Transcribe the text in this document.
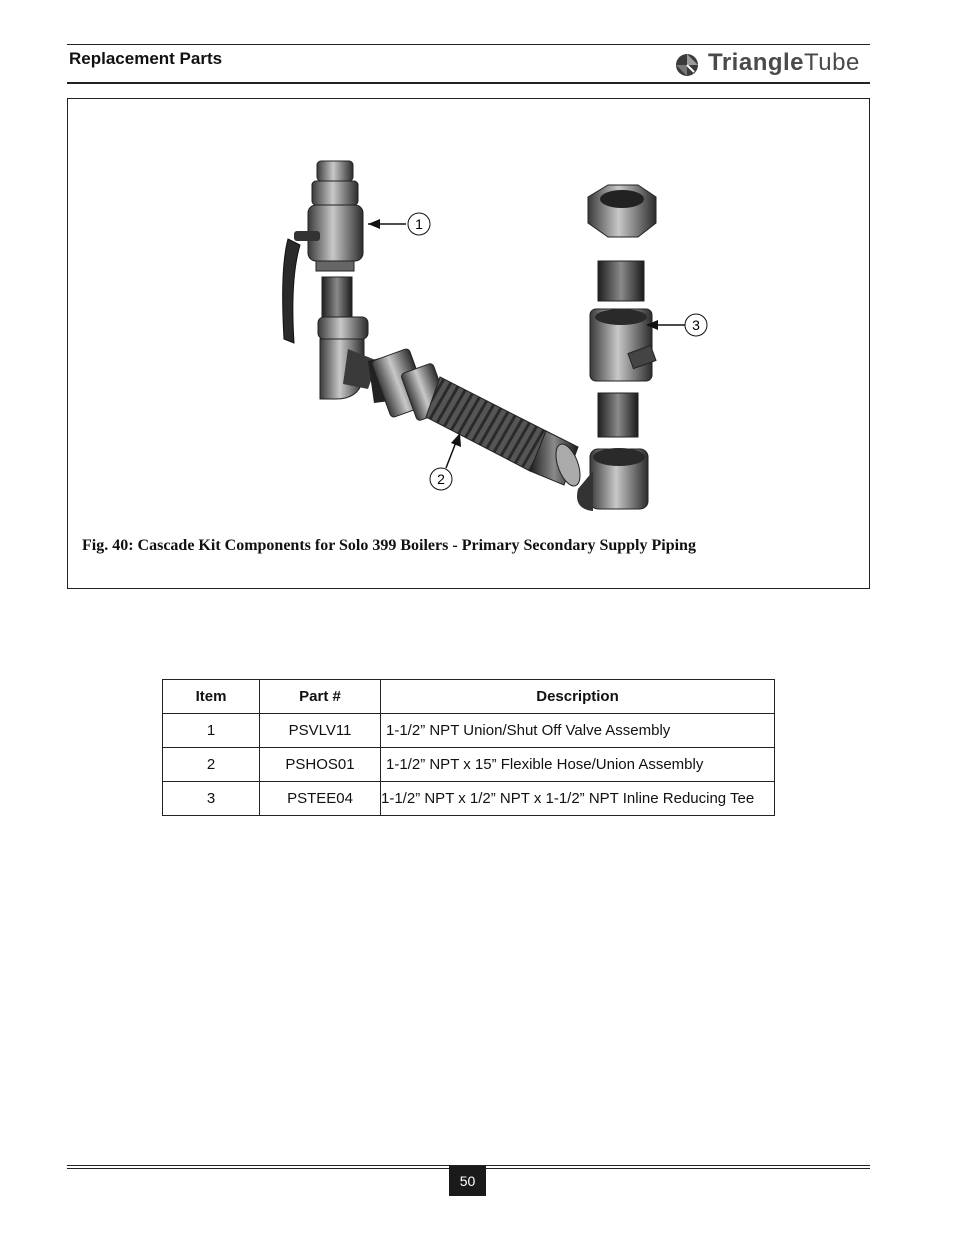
Replacement Parts	TriangleTube
1
3
2
Fig. 40: Cascade Kit Components for Solo 399 Boilers - Primary Secondary Supply Piping
Item	Part #	Description
1	PSVLV11	1-1/2” NPT Union/Shut Off Valve Assembly
2	PSHOS01	1-1/2” NPT x 15” Flexible Hose/Union Assembly
3	PSTEE04	1-1/2” NPT x 1/2” NPT x 1-1/2” NPT Inline Reducing Tee
50
